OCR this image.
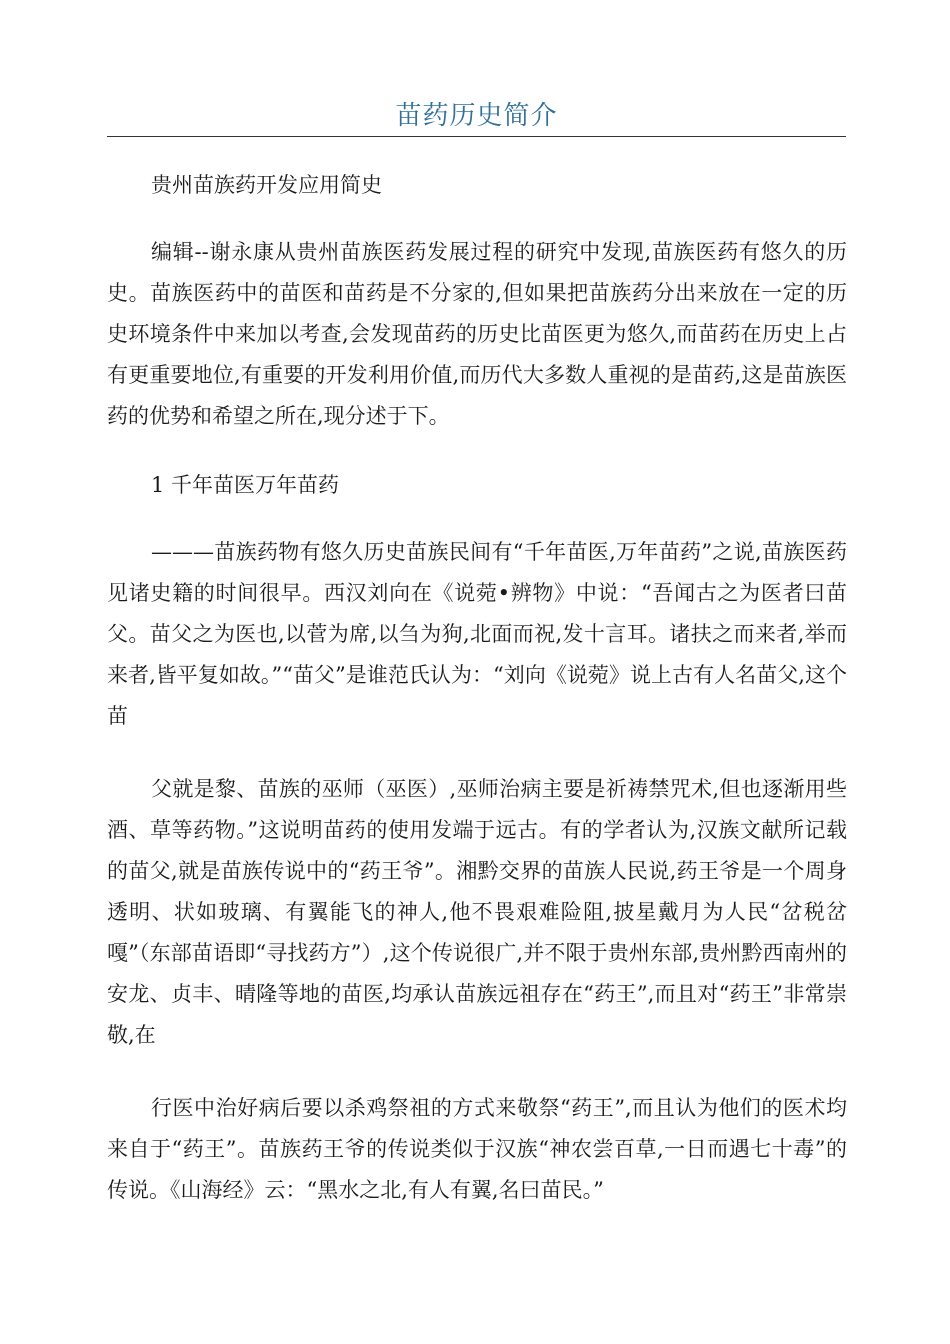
苗药历史简介

贵州苗族药开发应用简史

编辑--谢永康从贵州苗族医药发展过程的研究中发现,苗族医药有悠久的历史。苗族医药中的苗医和苗药是不分家的,但如果把苗族药分出来放在一定的历史环境条件中来加以考查,会发现苗药的历史比苗医更为悠久,而苗药在历史上占有更重要地位,有重要的开发利用价值,而历代大多数人重视的是苗药,这是苗族医药的优势和希望之所在,现分述于下。

1 千年苗医万年苗药

———苗族药物有悠久历史苗族民间有“千年苗医,万年苗药”之说,苗族医药见诸史籍的时间很早。西汉刘向在《说菀•辨物》中说：“吾闻古之为医者曰苗父。苗父之为医也,以菅为席,以刍为狗,北面而祝,发十言耳。诸扶之而来者,举而来者,皆平复如故。”“苗父”是谁范氏认为：“刘向《说菀》说上古有人名苗父,这个苗

父就是黎、苗族的巫师（巫医）,巫师治病主要是祈祷禁咒术,但也逐渐用些酒、草等药物。”这说明苗药的使用发端于远古。有的学者认为,汉族文献所记载的苗父,就是苗族传说中的“药王爷”。湘黔交界的苗族人民说,药王爷是一个周身透明、状如玻璃、有翼能飞的神人,他不畏艰难险阻,披星戴月为人民“岔税岔嘎”（东部苗语即“寻找药方”）,这个传说很广,并不限于贵州东部,贵州黔西南州的安龙、贞丰、晴隆等地的苗医,均承认苗族远祖存在“药王”,而且对“药王”非常崇敬,在

行医中治好病后要以杀鸡祭祖的方式来敬祭“药王”,而且认为他们的医术均来自于“药王”。苗族药王爷的传说类似于汉族“神农尝百草,一日而遇七十毒”的传说。《山海经》云：“黑水之北,有人有翼,名曰苗民。”
